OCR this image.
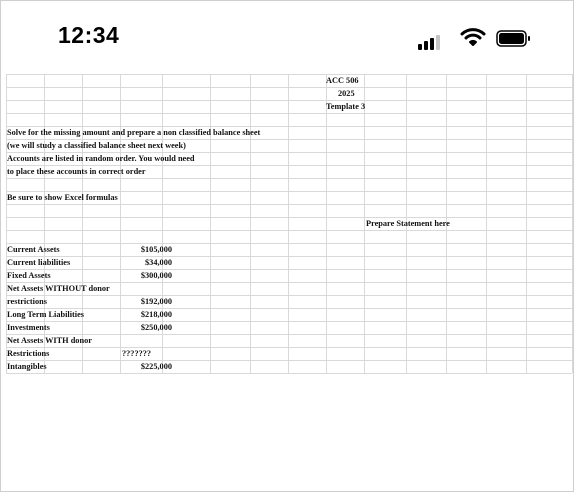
12:34
ACC 506
2025
Template 3
Solve for the missing amount and prepare a non classified balance sheet
(we will study a classified balance sheet next week)
Accounts are listed in random order. You would need
to place these accounts in correct order
Be sure to show Excel formulas
Prepare Statement here
Current Assets	$105,000
Current liabilities	$34,000
Fixed Assets	$300,000
Net Assets WITHOUT donor
restrictions	$192,000
Long Term Liabilities	$218,000
Investments	$250,000
Net Assets WITH donor
Restrictions	???????
Intangibles	$225,000
